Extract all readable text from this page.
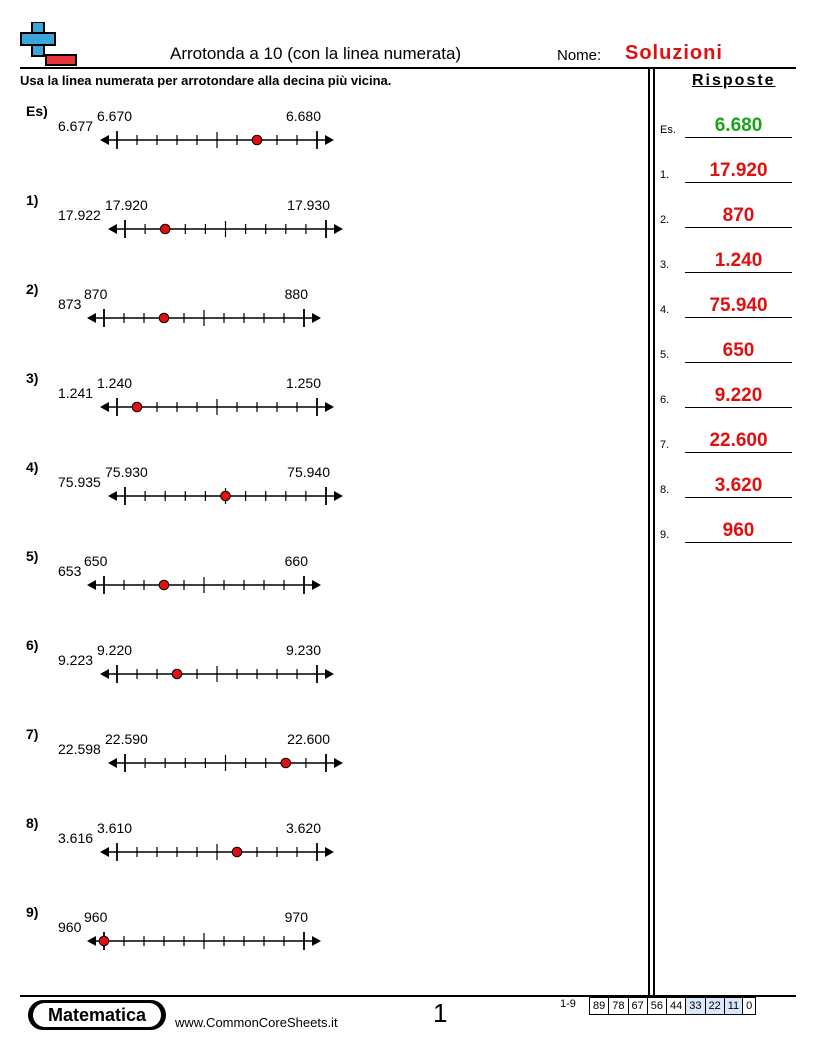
Arrotonda a 10 (con la linea numerata)	Nome: Soluzioni
Usa la linea numerata per arrotondare alla decina più vicina.	Risposte
Es)
6.677
6.670	6.680
1)
17.922
17.920	17.930
2)
873
870	880
3)
1.241
1.240	1.250
4)
75.935
75.930	75.940
5)
653
650	660
6)
9.223
9.220	9.230
7)
22.598
22.590	22.600
8)
3.616
3.610	3.620
9)
960
960	970
Es.	6.680
1.	17.920
2.	870
3.	1.240
4.	75.940
5.	650
6.	9.220
7.	22.600
8.	3.620
9.	960
Matematica	www.CommonCoreSheets.it	1	1-9 89 78 67 56 44 33 22 11 0
